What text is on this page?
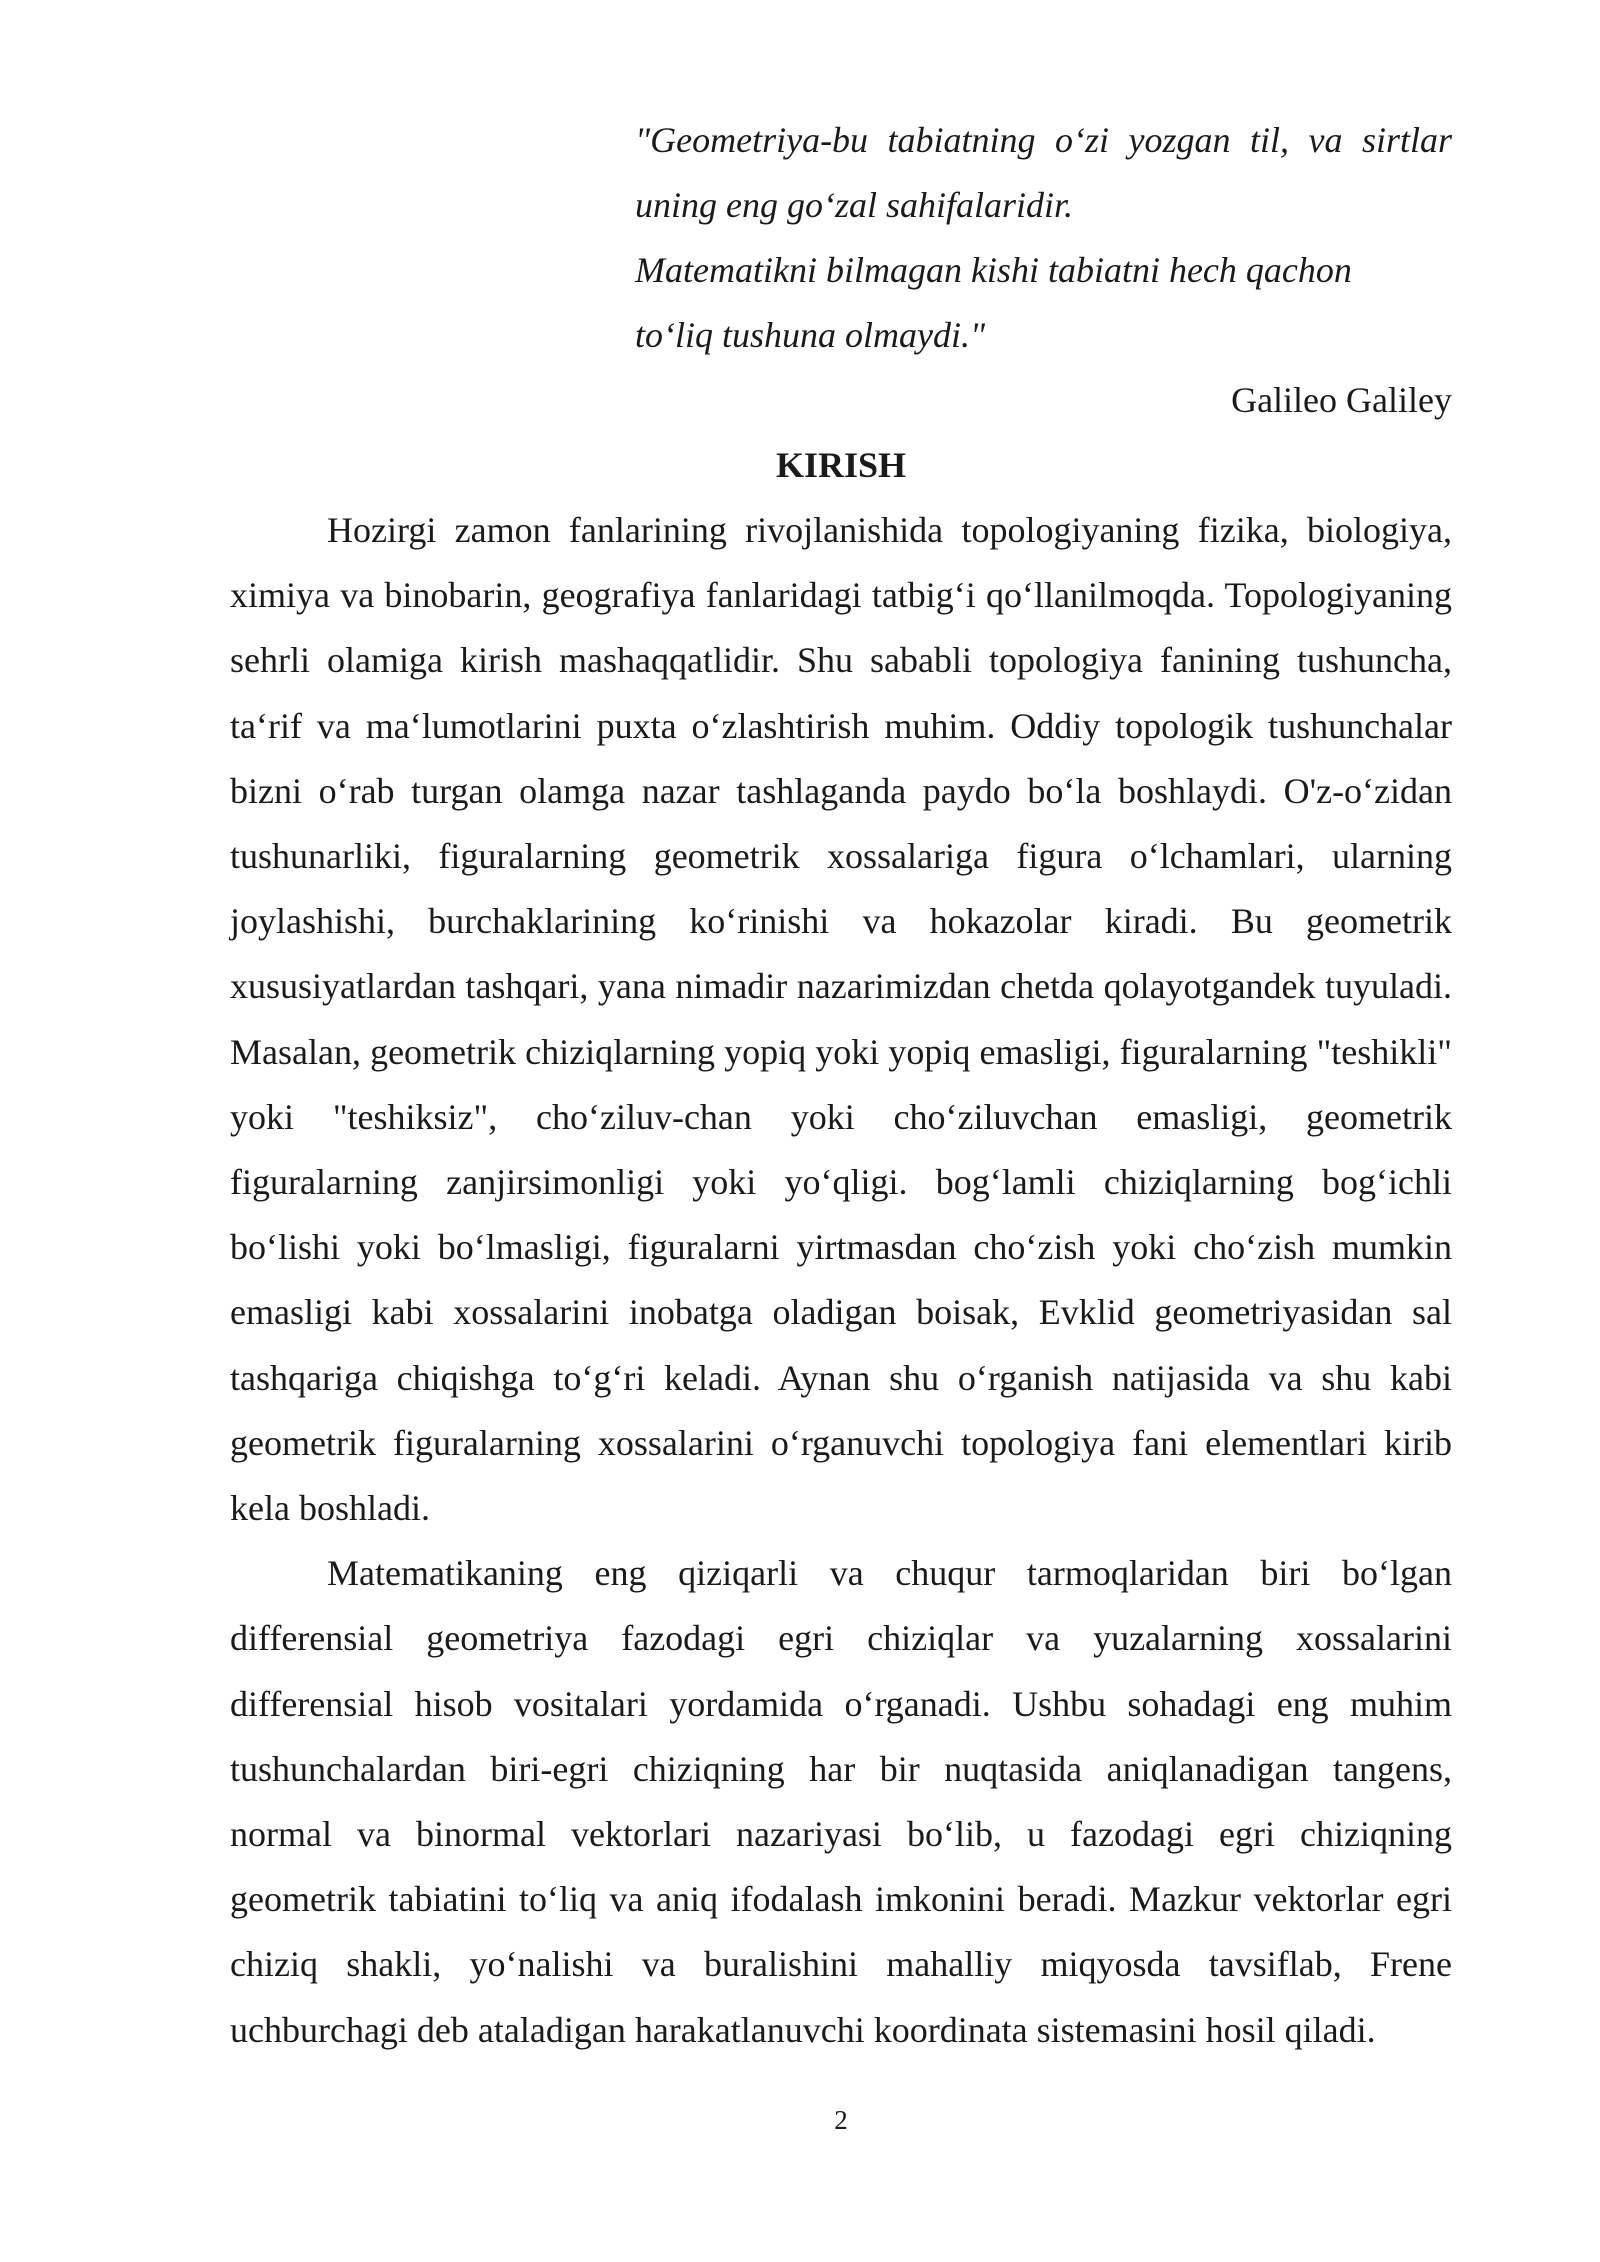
"Geometriya-bu tabiatning o‘zi yozgan til, va sirtlar
uning eng go‘zal sahifalaridir.
Matematikni bilmagan kishi tabiatni hech qachon
to‘liq tushuna olmaydi."
Galileo Galiley
KIRISH

Hozirgi zamon fanlarining rivojlanishida topologiyaning fizika, biologiya, ximiya va binobarin, geografiya fanlaridagi tatbig‘i qo‘llanilmoqda. Topologiyaning sehrli olamiga kirish mashaqqatlidir. Shu sababli topologiya fanining tushuncha, ta‘rif va ma‘lumotlarini puxta o‘zlashtirish muhim. Oddiy topologik tushunchalar bizni o‘rab turgan olamga nazar tashlaganda paydo bo‘la boshlaydi. O'z-o‘zidan tushunarliki, figuralarning geometrik xossalariga figura o‘lchamlari, ularning joylashishi, burchaklarining ko‘rinishi va hokazolar kiradi. Bu geometrik xususiyatlardan tashqari, yana nimadir nazarimizdan chetda qolayotgandek tuyuladi. Masalan, geometrik chiziqlarning yopiq yoki yopiq emasligi, figuralarning "teshikli" yoki "teshiksiz", cho‘ziluv-chan yoki cho‘ziluvchan emasligi, geometrik figuralarning zanjirsimonligi yoki yo‘qligi. bog‘lamli chiziqlarning bog‘ichli bo‘lishi yoki bo‘lmasligi, figuralarni yirtmasdan cho‘zish yoki cho‘zish mumkin emasligi kabi xossalarini inobatga oladigan boisak, Evklid geometriyasidan sal tashqariga chiqishga to‘g‘ri keladi. Aynan shu o‘rganish natijasida va shu kabi geometrik figuralarning xossalarini o‘rganuvchi topologiya fani elementlari kirib kela boshladi.

Matematikaning eng qiziqarli va chuqur tarmoqlaridan biri bo‘lgan differensial geometriya fazodagi egri chiziqlar va yuzalarning xossalarini differensial hisob vositalari yordamida o‘rganadi. Ushbu sohadagi eng muhim tushunchalardan biri-egri chiziqning har bir nuqtasida aniqlanadigan tangens, normal va binormal vektorlari nazariyasi bo‘lib, u fazodagi egri chiziqning geometrik tabiatini to‘liq va aniq ifodalash imkonini beradi. Mazkur vektorlar egri chiziq shakli, yo‘nalishi va buralishini mahalliy miqyosda tavsiflab, Frene uchburchagi deb ataladigan harakatlanuvchi koordinata sistemasini hosil qiladi.

2
